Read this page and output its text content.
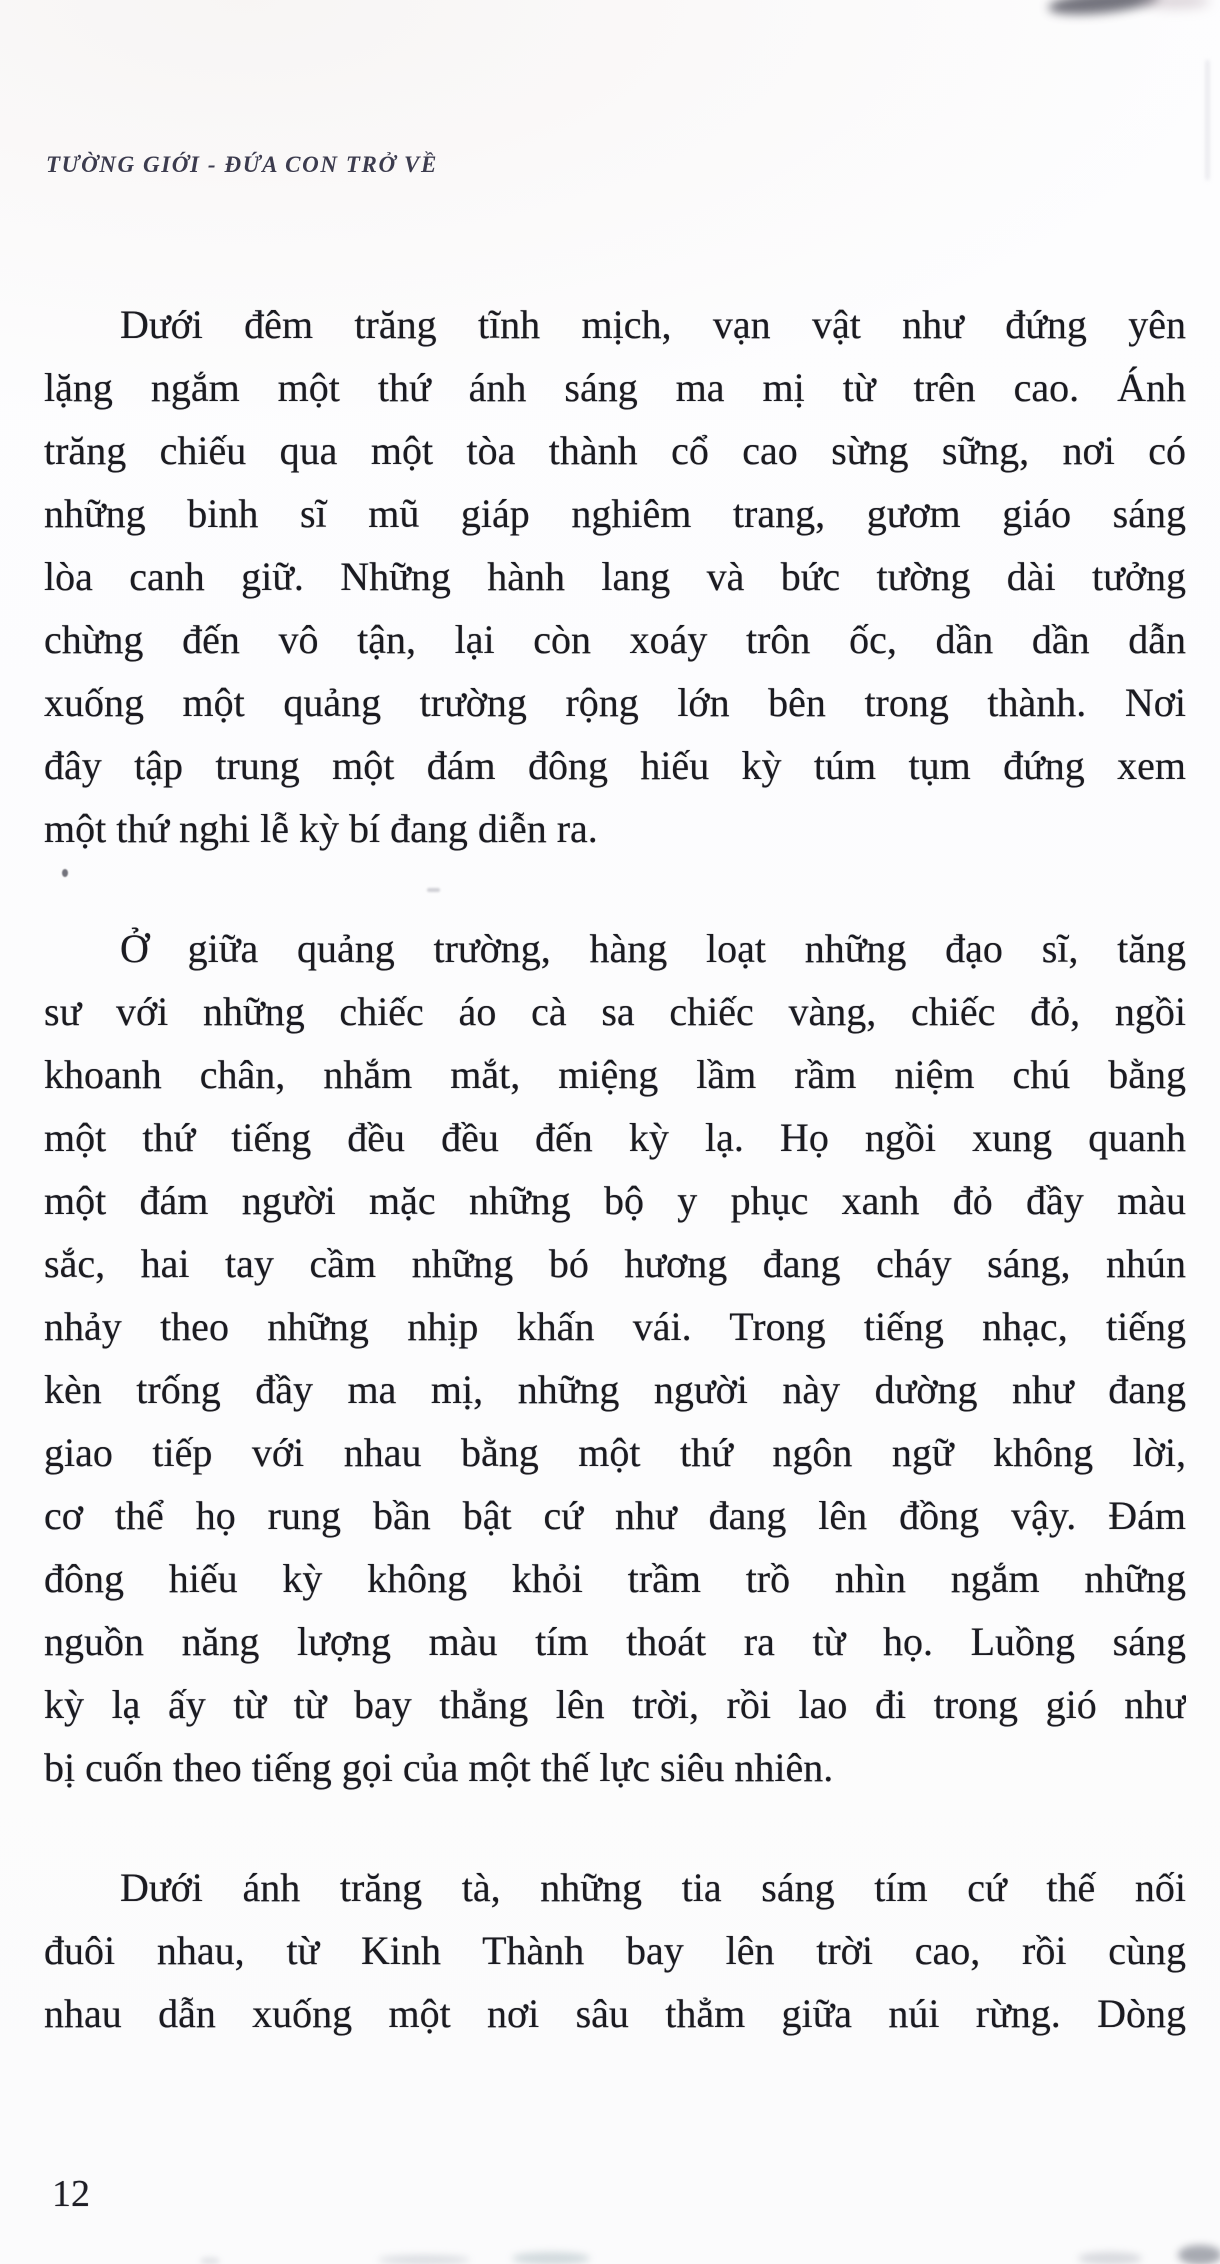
TƯỜNG GIỚI - ĐỨA CON TRỞ VỀ
Dưới đêm trăng tĩnh mịch, vạn vật như đứng yên
lặng ngắm một thứ ánh sáng ma mị từ trên cao. Ánh
trăng chiếu qua một tòa thành cổ cao sừng sững, nơi có
những binh sĩ mũ giáp nghiêm trang, gươm giáo sáng
lòa canh giữ. Những hành lang và bức tường dài tưởng
chừng đến vô tận, lại còn xoáy trôn ốc, dần dần dẫn
xuống một quảng trường rộng lớn bên trong thành. Nơi
đây tập trung một đám đông hiếu kỳ túm tụm đứng xem
một thứ nghi lễ kỳ bí đang diễn ra.
Ở giữa quảng trường, hàng loạt những đạo sĩ, tăng
sư với những chiếc áo cà sa chiếc vàng, chiếc đỏ, ngồi
khoanh chân, nhắm mắt, miệng lầm rầm niệm chú bằng
một thứ tiếng đều đều đến kỳ lạ. Họ ngồi xung quanh
một đám người mặc những bộ y phục xanh đỏ đầy màu
sắc, hai tay cầm những bó hương đang cháy sáng, nhún
nhảy theo những nhịp khấn vái. Trong tiếng nhạc, tiếng
kèn trống đầy ma mị, những người này dường như đang
giao tiếp với nhau bằng một thứ ngôn ngữ không lời,
cơ thể họ rung bần bật cứ như đang lên đồng vậy. Đám
đông hiếu kỳ không khỏi trầm trồ nhìn ngắm những
nguồn năng lượng màu tím thoát ra từ họ. Luồng sáng
kỳ lạ ấy từ từ bay thẳng lên trời, rồi lao đi trong gió như
bị cuốn theo tiếng gọi của một thế lực siêu nhiên.
Dưới ánh trăng tà, những tia sáng tím cứ thế nối
đuôi nhau, từ Kinh Thành bay lên trời cao, rồi cùng
nhau dẫn xuống một nơi sâu thẳm giữa núi rừng. Dòng
12
